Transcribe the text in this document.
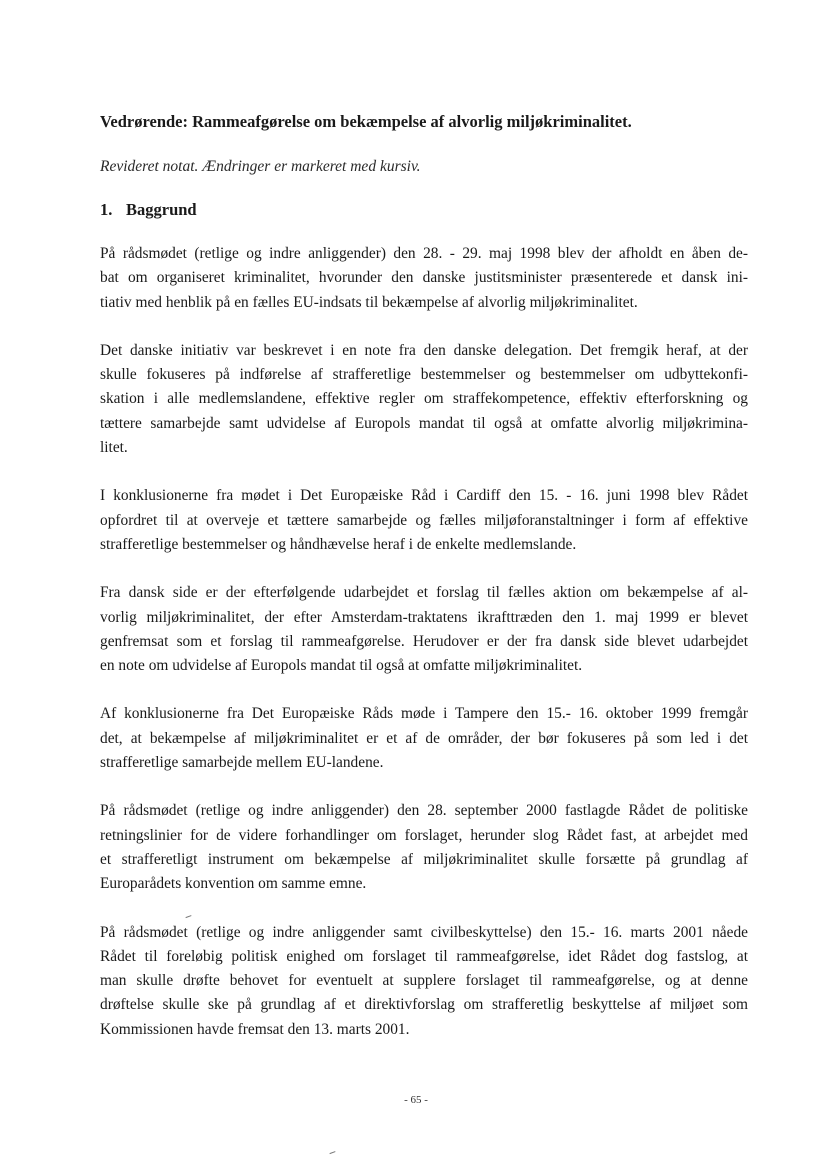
Vedrørende: Rammeafgørelse om bekæmpelse af alvorlig miljøkriminalitet.
Revideret notat. Ændringer er markeret med kursiv.
1. Baggrund
På rådsmødet (retlige og indre anliggender) den 28. - 29. maj 1998 blev der afholdt en åben de-
bat om organiseret kriminalitet, hvorunder den danske justitsminister præsenterede et dansk ini-
tiativ med henblik på en fælles EU-indsats til bekæmpelse af alvorlig miljøkriminalitet.
Det danske initiativ var beskrevet i en note fra den danske delegation. Det fremgik heraf, at der
skulle fokuseres på indførelse af strafferetlige bestemmelser og bestemmelser om udbyttekonfi-
skation i alle medlemslandene, effektive regler om straffekompetence, effektiv efterforskning og
tættere samarbejde samt udvidelse af Europols mandat til også at omfatte alvorlig miljøkrimina-
litet.
I konklusionerne fra mødet i Det Europæiske Råd i Cardiff den 15. - 16. juni 1998 blev Rådet
opfordret til at overveje et tættere samarbejde og fælles miljøforanstaltninger i form af effektive
strafferetlige bestemmelser og håndhævelse heraf i de enkelte medlemslande.
Fra dansk side er der efterfølgende udarbejdet et forslag til fælles aktion om bekæmpelse af al-
vorlig miljøkriminalitet, der efter Amsterdam-traktatens ikrafttræden den 1. maj 1999 er blevet
genfremsat som et forslag til rammeafgørelse. Herudover er der fra dansk side blevet udarbejdet
en note om udvidelse af Europols mandat til også at omfatte miljøkriminalitet.
Af konklusionerne fra Det Europæiske Råds møde i Tampere den 15.- 16. oktober 1999 fremgår
det, at bekæmpelse af miljøkriminalitet er et af de områder, der bør fokuseres på som led i det
strafferetlige samarbejde mellem EU-landene.
På rådsmødet (retlige og indre anliggender) den 28. september 2000 fastlagde Rådet de politiske
retningslinier for de videre forhandlinger om forslaget, herunder slog Rådet fast, at arbejdet med
et strafferetligt instrument om bekæmpelse af miljøkriminalitet skulle forsætte på grundlag af
Europarådets konvention om samme emne.
På rådsmødet (retlige og indre anliggender samt civilbeskyttelse) den 15.- 16. marts 2001 nåede
Rådet til foreløbig politisk enighed om forslaget til rammeafgørelse, idet Rådet dog fastslog, at
man skulle drøfte behovet for eventuelt at supplere forslaget til rammeafgørelse, og at denne
drøftelse skulle ske på grundlag af et direktivforslag om strafferetlig beskyttelse af miljøet som
Kommissionen havde fremsat den 13. marts 2001.
- 65 -
